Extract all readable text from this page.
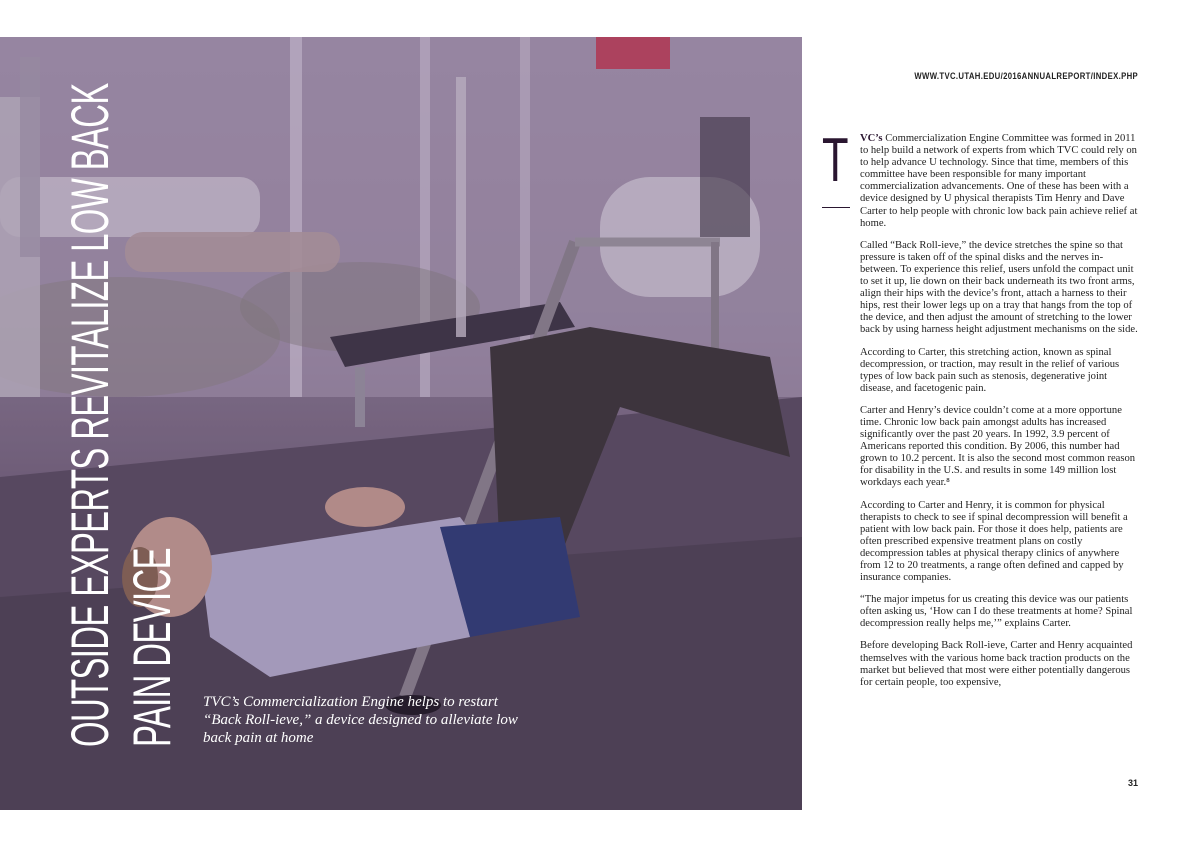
OUTSIDE EXPERTS REVITALIZE LOW BACK PAIN DEVICE TVC’s Commercialization Engine helps to restart “Back Roll-ieve,” a device designed to alleviate low back pain at home
WWW.TVC.UTAH.EDU/2016ANNUALREPORT/INDEX.PHP
T VC’s Commercialization Engine Committee was formed in 2011 to help build a network of experts from which TVC could rely on to help advance U technology. Since that time, members of this committee have been responsible for many important commercialization advancements. One of these has been with a device designed by U physical therapists Tim Henry and Dave Carter to help people with chronic low back pain achieve relief at home.

Called “Back Roll-ieve,” the device stretches the spine so that pressure is taken off of the spinal disks and the nerves in-between. To experience this relief, users unfold the compact unit to set it up, lie down on their back underneath its two front arms, align their hips with the device’s front, attach a harness to their hips, rest their lower legs up on a tray that hangs from the top of the device, and then adjust the amount of stretching to the lower back by using harness height adjustment mechanisms on the side.

According to Carter, this stretching action, known as spinal decompression, or traction, may result in the relief of various types of low back pain such as stenosis, degenerative joint disease, and facetogenic pain.

Carter and Henry’s device couldn’t come at a more opportune time. Chronic low back pain amongst adults has increased significantly over the past 20 years. In 1992, 3.9 percent of Americans reported this condition. By 2006, this number had grown to 10.2 percent. It is also the second most common reason for disability in the U.S. and results in some 149 million lost workdays each year.⁸

According to Carter and Henry, it is common for physical therapists to check to see if spinal decompression will benefit a patient with low back pain. For those it does help, patients are often prescribed expensive treatment plans on costly decompression tables at physical therapy clinics of anywhere from 12 to 20 treatments, a range often defined and capped by insurance companies.

“The major impetus for us creating this device was our patients often asking us, ‘How can I do these treatments at home? Spinal decompression really helps me,’” explains Carter.

Before developing Back Roll-ieve, Carter and Henry acquainted themselves with the various home back traction products on the market but believed that most were either potentially dangerous for certain people, too expensive,

31
